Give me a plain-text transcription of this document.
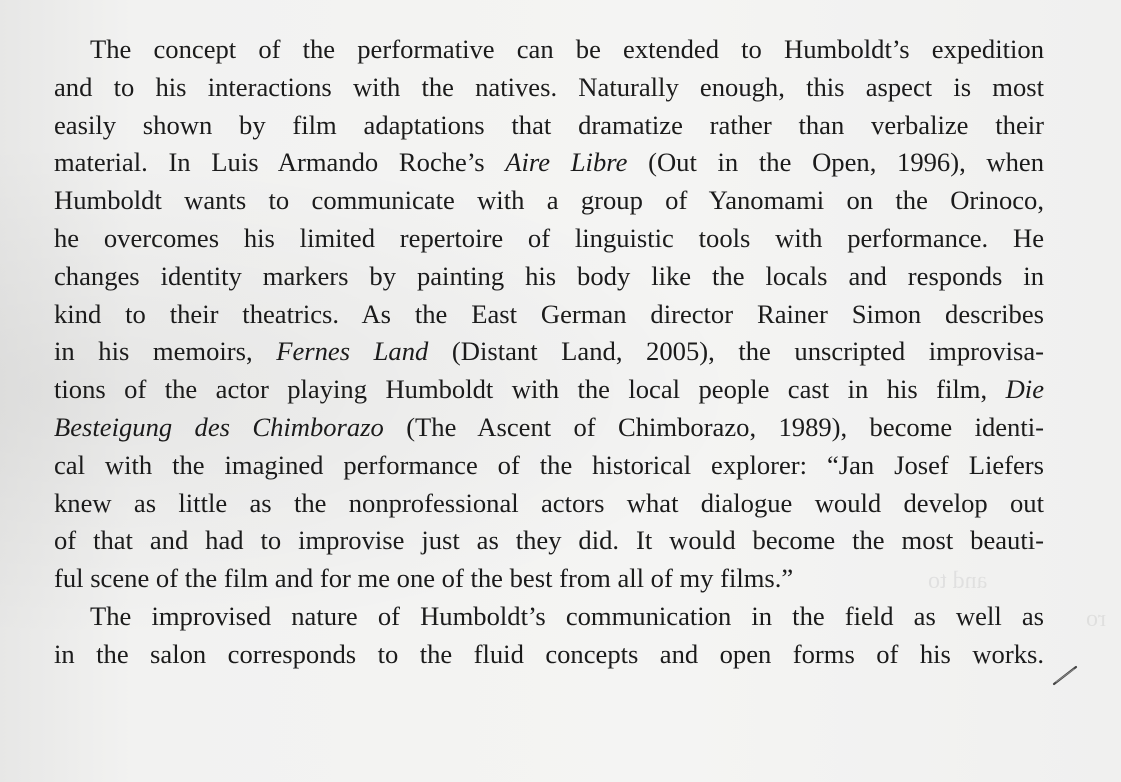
and to
ro
The concept of the performative can be extended to Humboldt’s expedition
and to his interactions with the natives. Naturally enough, this aspect is most
easily shown by film adaptations that dramatize rather than verbalize their
material. In Luis Armando Roche’s Aire Libre (Out in the Open, 1996), when
Humboldt wants to communicate with a group of Yanomami on the Orinoco,
he overcomes his limited repertoire of linguistic tools with performance. He
changes identity markers by painting his body like the locals and responds in
kind to their theatrics. As the East German director Rainer Simon describes
in his memoirs, Fernes Land (Distant Land, 2005), the unscripted improvisa-
tions of the actor playing Humboldt with the local people cast in his film, Die
Besteigung des Chimborazo (The Ascent of Chimborazo, 1989), become identi-
cal with the imagined performance of the historical explorer: “Jan Josef Liefers
knew as little as the nonprofessional actors what dialogue would develop out
of that and had to improvise just as they did. It would become the most beauti-
ful scene of the film and for me one of the best from all of my films.”
The improvised nature of Humboldt’s communication in the field as well as
in the salon corresponds to the fluid concepts and open forms of his works.
